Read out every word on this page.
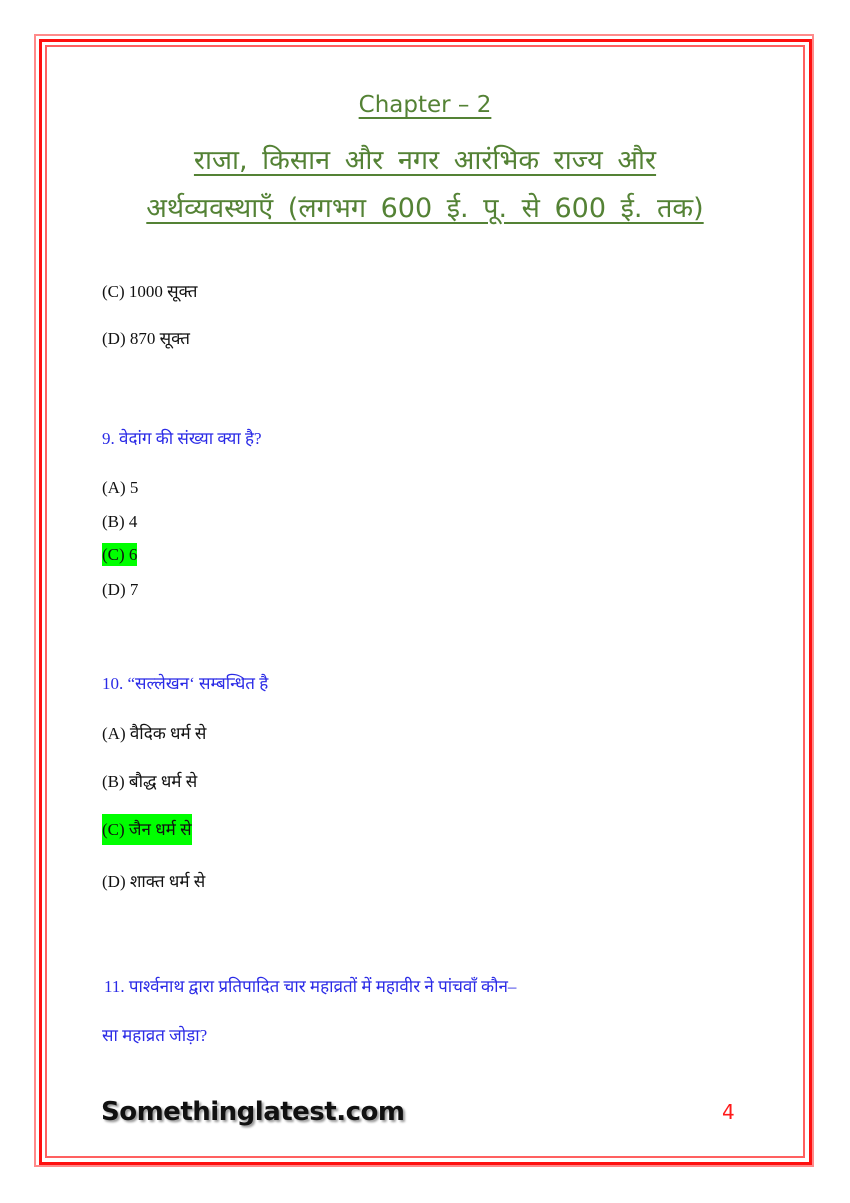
Chapter – 2
राजा, किसान और नगर आरंभिक राज्य और
अर्थव्यवस्थाएँ (लगभग 600 ई. पू. से 600 ई. तक)
(C) 1000 सूक्त
(D) 870 सूक्त
9. वेदांग की संख्या क्या है?
(A) 5
(B) 4
(C) 6
(D) 7
10. “सल्लेखन‘ सम्बन्धित है
(A) वैदिक धर्म से
(B) बौद्ध धर्म से
(C) जैन धर्म से
(D) शाक्त धर्म से
11. पार्श्वनाथ द्वारा प्रतिपादित चार महाव्रतों में महावीर ने पांचवाँ कौन–
सा महाव्रत जोड़ा?
Somethinglatest.com	4
